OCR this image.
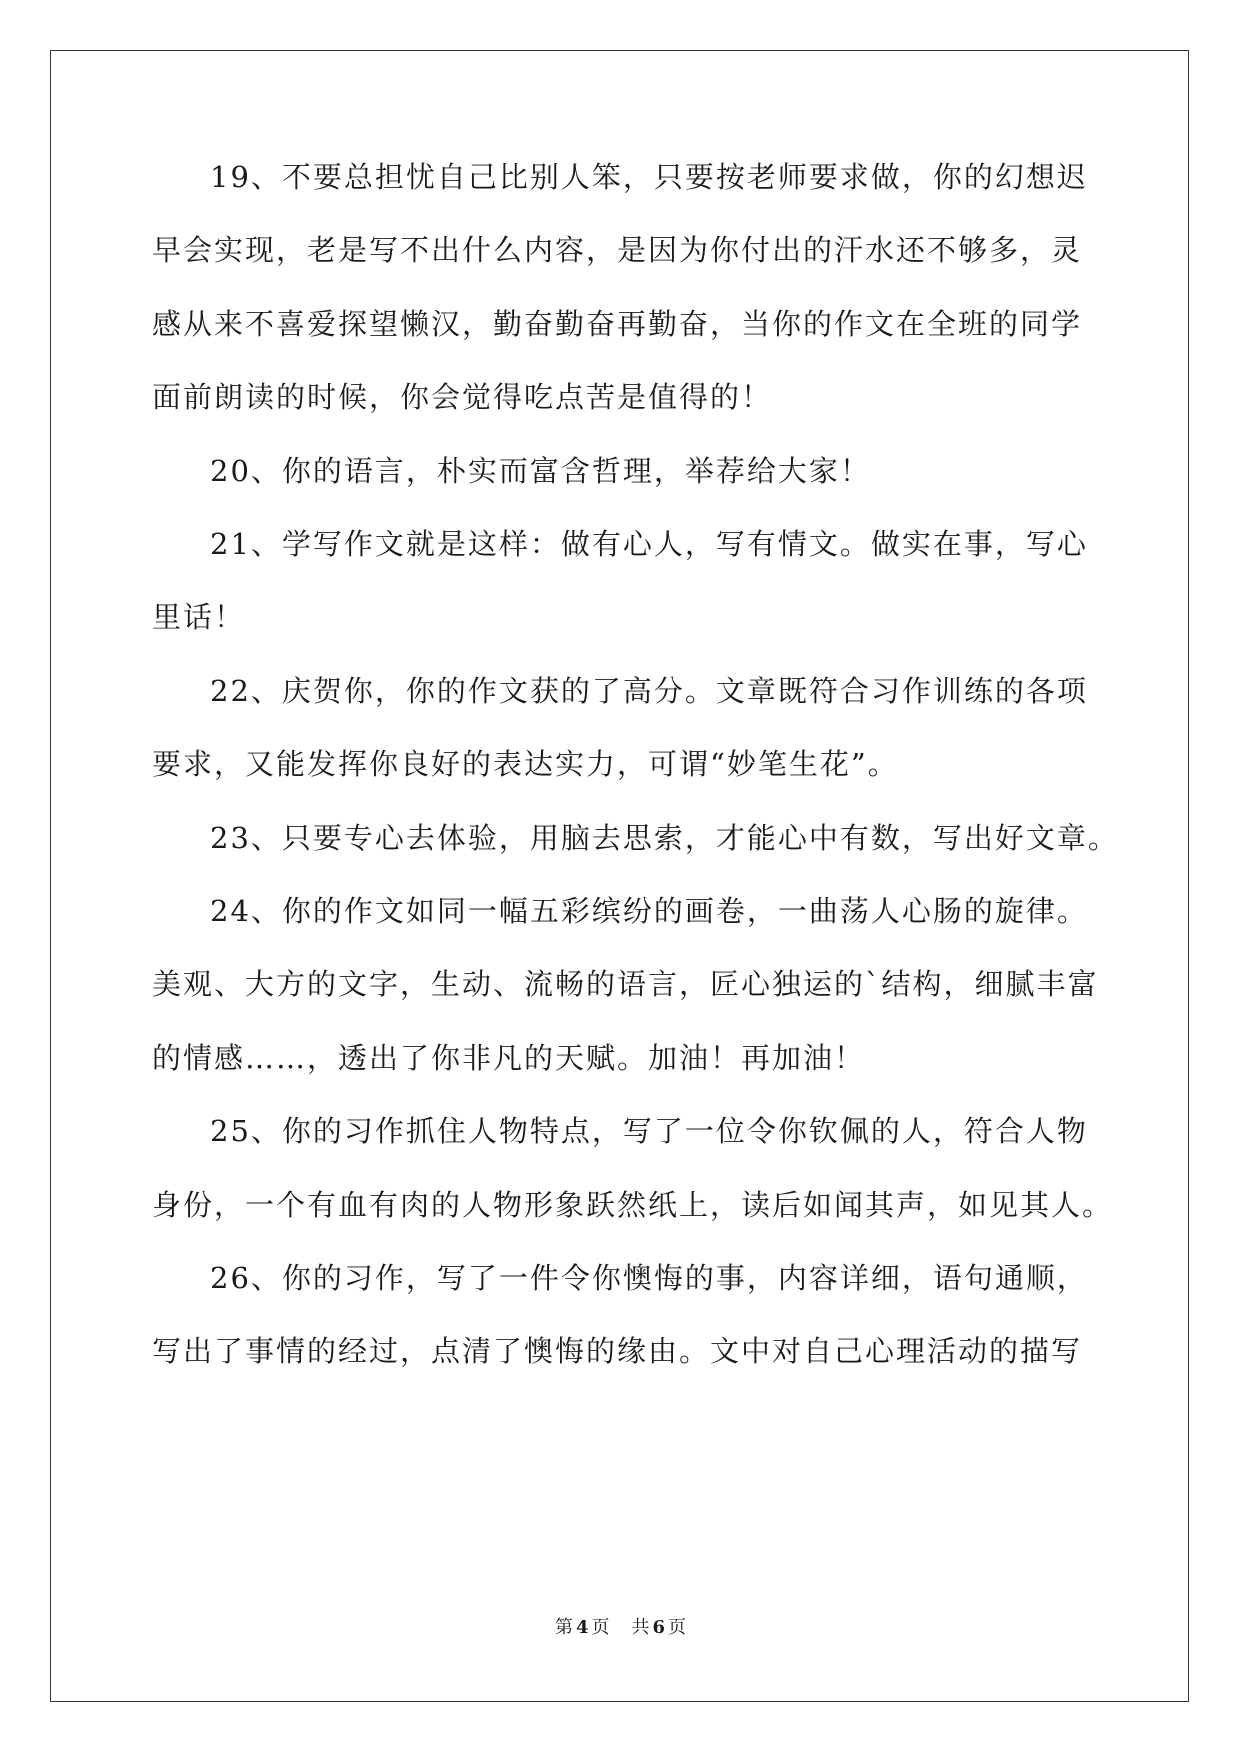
19、不要总担忧自己比别人笨，只要按老师要求做，你的幻想迟
早会实现，老是写不出什么内容，是因为你付出的汗水还不够多，灵
感从来不喜爱探望懒汉，勤奋勤奋再勤奋，当你的作文在全班的同学
面前朗读的时候，你会觉得吃点苦是值得的！
20、你的语言，朴实而富含哲理，举荐给大家！
21、学写作文就是这样：做有心人，写有情文。做实在事，写心
里话！
22、庆贺你，你的作文获的了高分。文章既符合习作训练的各项
要求，又能发挥你良好的表达实力，可谓“妙笔生花”。
23、只要专心去体验，用脑去思索，才能心中有数，写出好文章。
24、你的作文如同一幅五彩缤纷的画卷，一曲荡人心肠的旋律。
美观、大方的文字，生动、流畅的语言，匠心独运的`结构，细腻丰富
的情感……，透出了你非凡的天赋。加油！再加油！
25、你的习作抓住人物特点，写了一位令你钦佩的人，符合人物
身份，一个有血有肉的人物形象跃然纸上，读后如闻其声，如见其人。
26、你的习作，写了一件令你懊悔的事，内容详细，语句通顺，
写出了事情的经过，点清了懊悔的缘由。文中对自己心理活动的描写
第 4 页 共 6 页
